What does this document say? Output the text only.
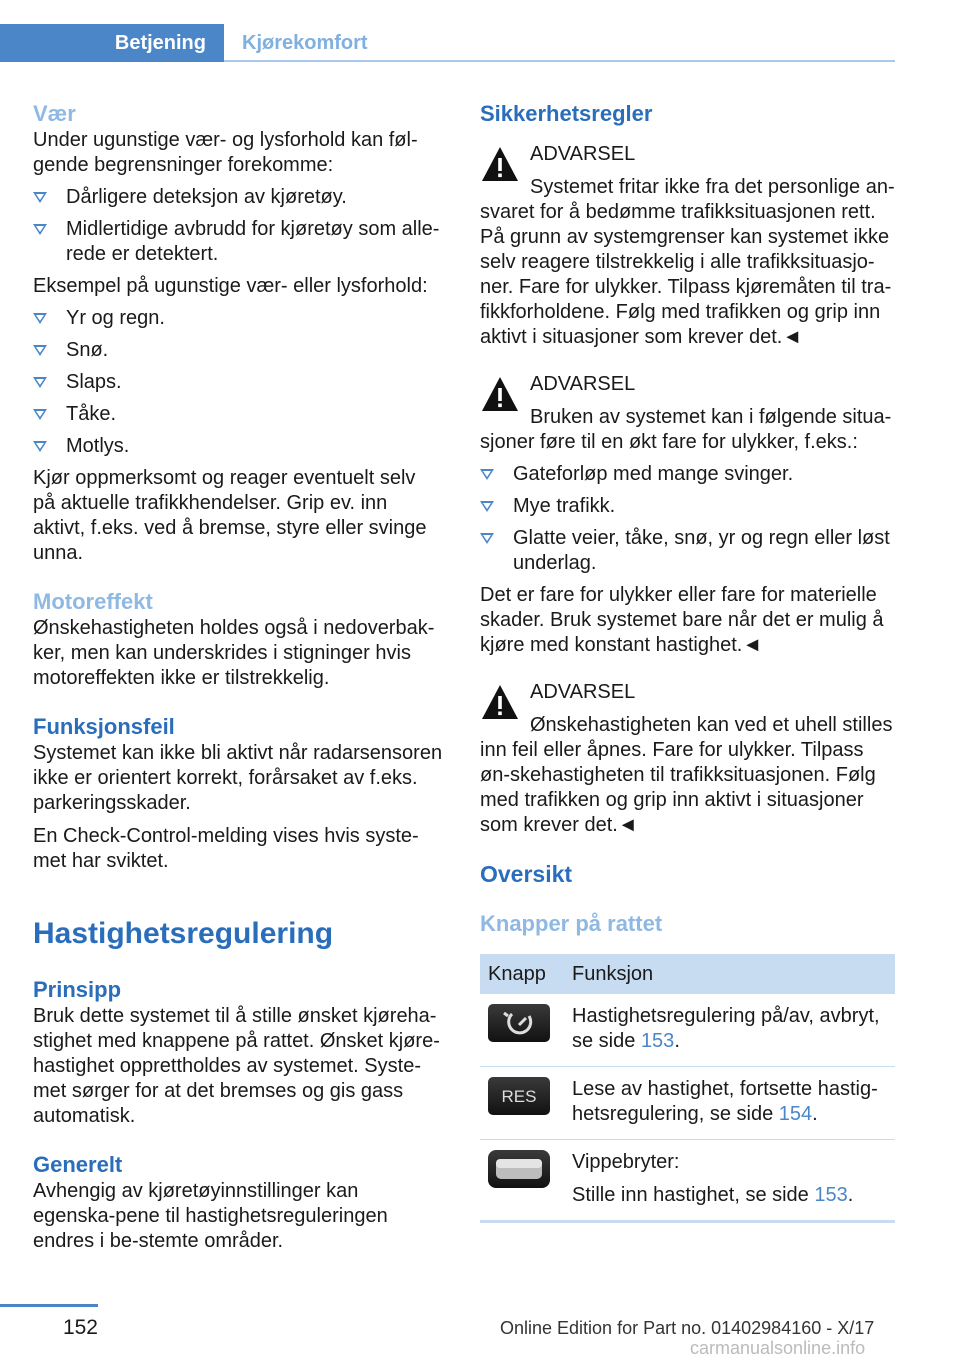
Betjening	Kjørekomfort
Vær

Under ugunstige vær- og lysforhold kan føl-gende begrensninger forekomme:

Dårligere deteksjon av kjøretøy.
Midlertidige avbrudd for kjøretøy som alle-rede er detektert.

Eksempel på ugunstige vær- eller lysforhold:

Yr og regn.
Snø.
Slaps.
Tåke.
Motlys.

Kjør oppmerksomt og reager eventuelt selv på aktuelle trafikkhendelser. Grip ev. inn aktivt, f.eks. ved å bremse, styre eller svinge unna.

Motoreffekt

Ønskehastigheten holdes også i nedoverbak-ker, men kan underskrides i stigninger hvis motoreffekten ikke er tilstrekkelig.

Funksjonsfeil

Systemet kan ikke bli aktivt når radarsensoren ikke er orientert korrekt, forårsaket av f.eks. parkeringsskader.

En Check-Control-melding vises hvis syste-met har sviktet.

Hastighetsregulering
Prinsipp

Bruk dette systemet til å stille ønsket kjøreha-stighet med knappene på rattet. Ønsket kjøre-hastighet opprettholdes av systemet. Syste-met sørger for at det bremses og gis gass automatisk.

Generelt

Avhengig av kjøretøyinnstillinger kan egenska-pene til hastighetsreguleringen endres i be-stemte områder.

Sikkerhetsregler
ADVARSEL

Systemet fritar ikke fra det personlige an-svaret for å bedømme trafikksituasjonen rett. På grunn av systemgrenser kan systemet ikke selv reagere tilstrekkelig i alle trafikksituasjo-ner. Fare for ulykker. Tilpass kjøremåten til tra-fikkforholdene. Følg med trafikken og grip inn aktivt i situasjoner som krever det.◄

ADVARSEL

Bruken av systemet kan i følgende situa-sjoner føre til en økt fare for ulykker, f.eks.:

Gateforløp med mange svinger.
Mye trafikk.
Glatte veier, tåke, snø, yr og regn eller løst underlag.

Det er fare for ulykker eller fare for materielle skader. Bruk systemet bare når det er mulig å kjøre med konstant hastighet.◄

ADVARSEL

Ønskehastigheten kan ved et uhell stilles inn feil eller åpnes. Fare for ulykker. Tilpass øn-skehastigheten til trafikksituasjonen. Følg med trafikken og grip inn aktivt i situasjoner som krever det.◄

Oversikt
Knapper på rattet
Knapp	Funksjon

	Hastighetsregulering på/av, avbryt, se side 153.

RES	Lese av hastighet, fortsette hastig-hetsregulering, se side 154.

Vippebryter:

Stille inn hastighet, se side 153.
152	Online Edition for Part no. 01402984160 - X/17
carmanualsonline.info
